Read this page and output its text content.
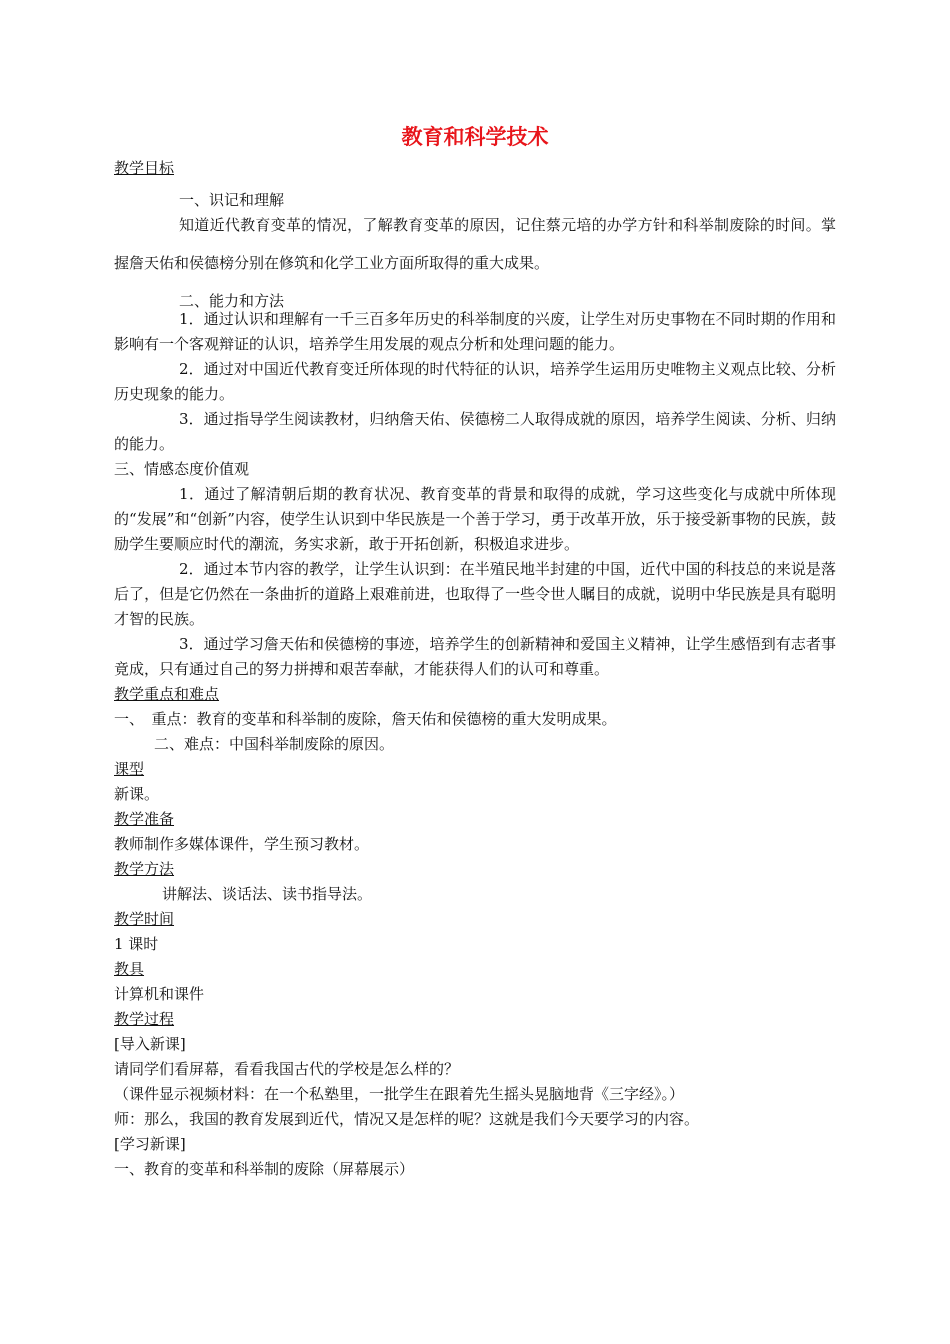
教育和科学技术
教学目标
一、识记和理解
知道近代教育变革的情况，了解教育变革的原因，记住蔡元培的办学方针和科举制废除的时间。掌握詹天佑和侯德榜分别在修筑和化学工业方面所取得的重大成果。
二、能力和方法
1．通过认识和理解有一千三百多年历史的科举制度的兴废，让学生对历史事物在不同时期的作用和影响有一个客观辩证的认识，培养学生用发展的观点分析和处理问题的能力。
2．通过对中国近代教育变迁所体现的时代特征的认识，培养学生运用历史唯物主义观点比较、分析历史现象的能力。
3．通过指导学生阅读教材，归纳詹天佑、侯德榜二人取得成就的原因，培养学生阅读、分析、归纳的能力。
三、情感态度价值观
1．通过了解清朝后期的教育状况、教育变革的背景和取得的成就，学习这些变化与成就中所体现的“发展”和“创新”内容，使学生认识到中华民族是一个善于学习，勇于改革开放，乐于接受新事物的民族，鼓励学生要顺应时代的潮流，务实求新，敢于开拓创新，积极追求进步。
2．通过本节内容的教学，让学生认识到：在半殖民地半封建的中国，近代中国的科技总的来说是落后了，但是它仍然在一条曲折的道路上艰难前进，也取得了一些令世人瞩目的成就，说明中华民族是具有聪明才智的民族。
3．通过学习詹天佑和侯德榜的事迹，培养学生的创新精神和爱国主义精神，让学生感悟到有志者事竟成，只有通过自己的努力拼搏和艰苦奉献，才能获得人们的认可和尊重。
教学重点和难点
一、　重点：教育的变革和科举制的废除，詹天佑和侯德榜的重大发明成果。
二、难点：中国科举制废除的原因。
课型
新课。
教学准备
教师制作多媒体课件，学生预习教材。
教学方法
讲解法、谈话法、读书指导法。
教学时间
1 课时
教具
计算机和课件
教学过程
[导入新课]
请同学们看屏幕，看看我国古代的学校是怎么样的？
（课件显示视频材料：在一个私塾里，一批学生在跟着先生摇头晃脑地背《三字经》。）
师：那么，我国的教育发展到近代，情况又是怎样的呢？这就是我们今天要学习的内容。
[学习新课]
一、教育的变革和科举制的废除（屏幕展示）
